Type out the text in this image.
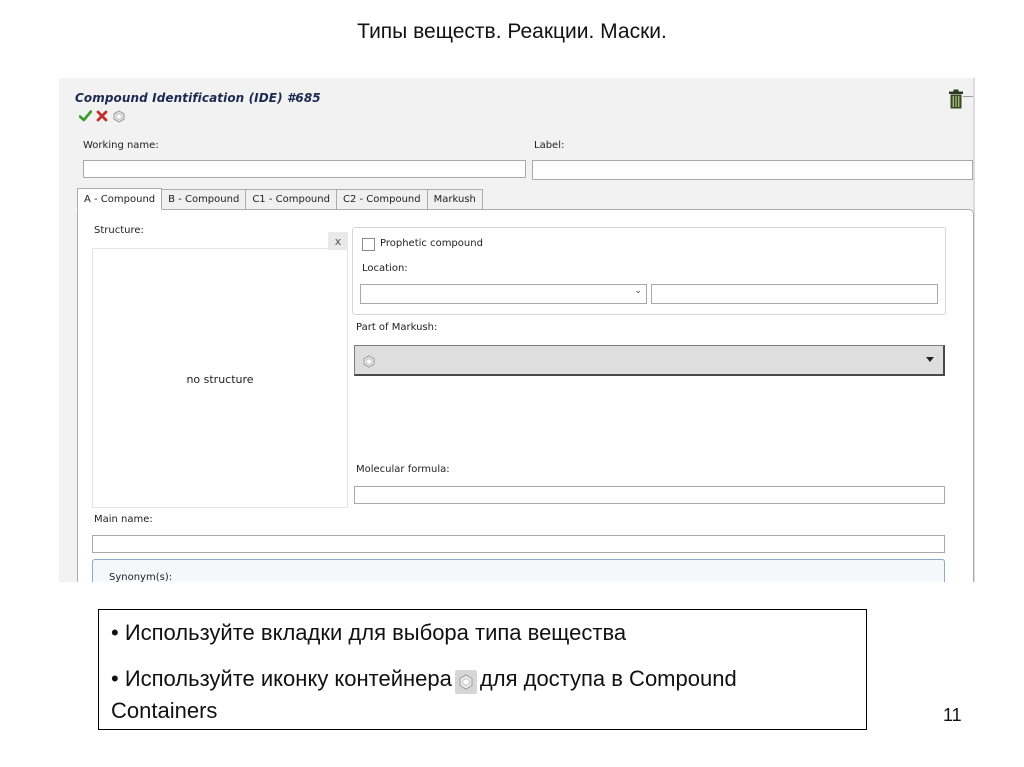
Типы веществ. Реакции. Маски.
Compound Identification (IDE) #685
Working name:	Label:
A - Compound	B - Compound	C1 - Compound	C2 - Compound	Markush
Structure:
no structure
x	Prophetic compound
Location:
⌄
Part of Markush:
Molecular formula:
Main name:
Synonym(s):
• Используйте вкладки для выбора типа вещества
• Используйте иконку контейнера для доступа в Compound
Containers	11
